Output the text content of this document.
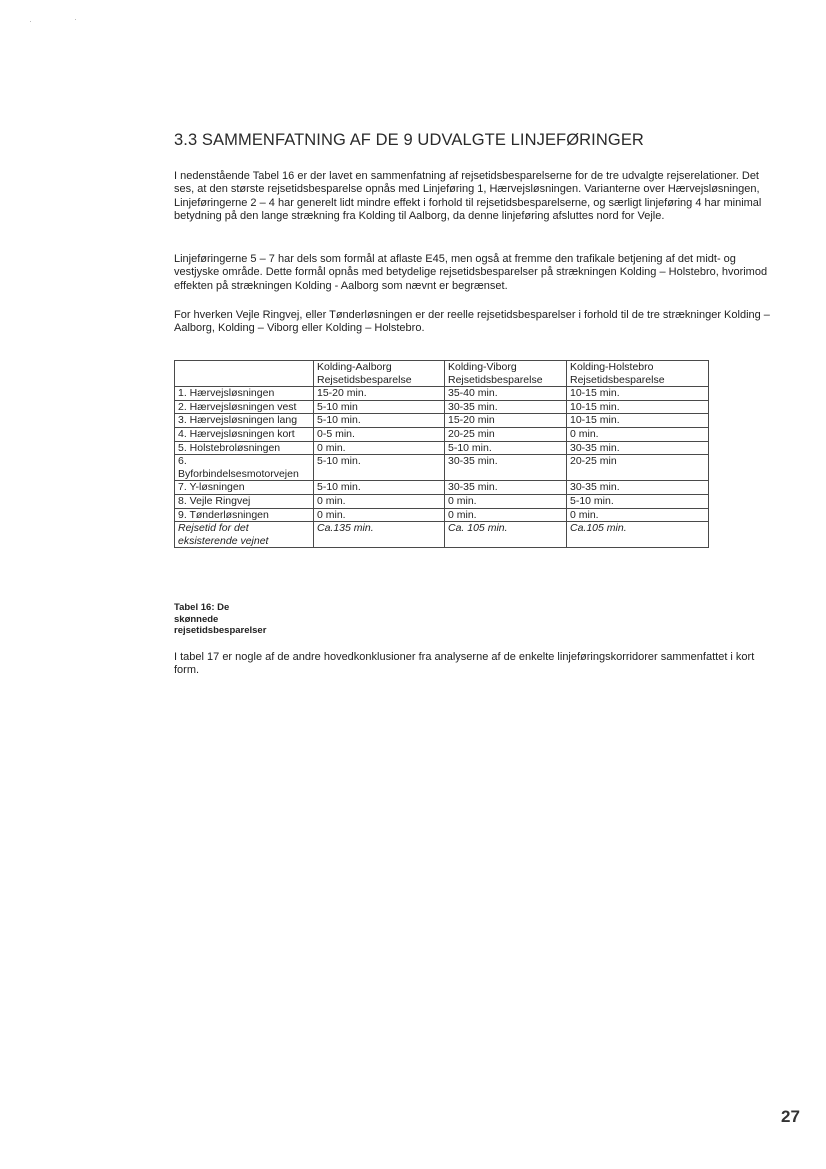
3.3 SAMMENFATNING AF DE 9 UDVALGTE LINJEFØRINGER
I nedenstående Tabel 16 er der lavet en sammenfatning af rejsetidsbesparelserne for de tre udvalgte rejserelationer. Det ses, at den største rejsetidsbesparelse opnås med Linjeføring 1, Hærvejsløsningen. Varianterne over Hærvejsløsningen, Linjeføringerne 2 – 4 har generelt lidt mindre effekt i forhold til rejsetidsbesparelserne, og særligt linjeføring 4 har minimal betydning på den lange strækning fra Kolding til Aalborg, da denne linjeføring afsluttes nord for Vejle.
Linjeføringerne 5 – 7 har dels som formål at aflaste E45, men også at fremme den trafikale betjening af det midt- og vestjyske område. Dette formål opnås med betydelige rejsetidsbesparelser på strækningen Kolding – Holstebro, hvorimod effekten på strækningen Kolding - Aalborg som nævnt er begrænset.
For hverken Vejle Ringvej, eller Tønderløsningen er der reelle rejsetidsbesparelser i forhold til de tre strækninger Kolding – Aalborg, Kolding – Viborg eller Kolding – Holstebro.
	Kolding-Aalborg Rejsetidsbesparelse	Kolding-Viborg Rejsetidsbesparelse	Kolding-Holstebro Rejsetidsbesparelse
1. Hærvejsløsningen	15-20 min.	35-40 min.	10-15 min.
2. Hærvejsløsningen vest	5-10 min	30-35 min.	10-15 min.
3. Hærvejsløsningen lang	5-10 min.	15-20 min	10-15 min.
4. Hærvejsløsningen kort	0-5 min.	20-25 min	0 min.
5. Holstebroløsningen	0 min.	5-10 min.	30-35 min.
6. Byforbindelsesmotorvejen	5-10 min.	30-35 min.	20-25 min
7. Y-løsningen	5-10 min.	30-35 min.	30-35 min.
8. Vejle Ringvej	0 min.	0 min.	5-10 min.
9. Tønderløsningen	0 min.	0 min.	0 min.
Rejsetid for det eksisterende vejnet	Ca.135 min.	Ca. 105 min.	Ca.105 min.
Tabel 16: De skønnede rejsetidsbesparelser
I tabel 17 er nogle af de andre hovedkonklusioner fra analyserne af de enkelte linjeføringskorridorer sammenfattet i kort form.
27
